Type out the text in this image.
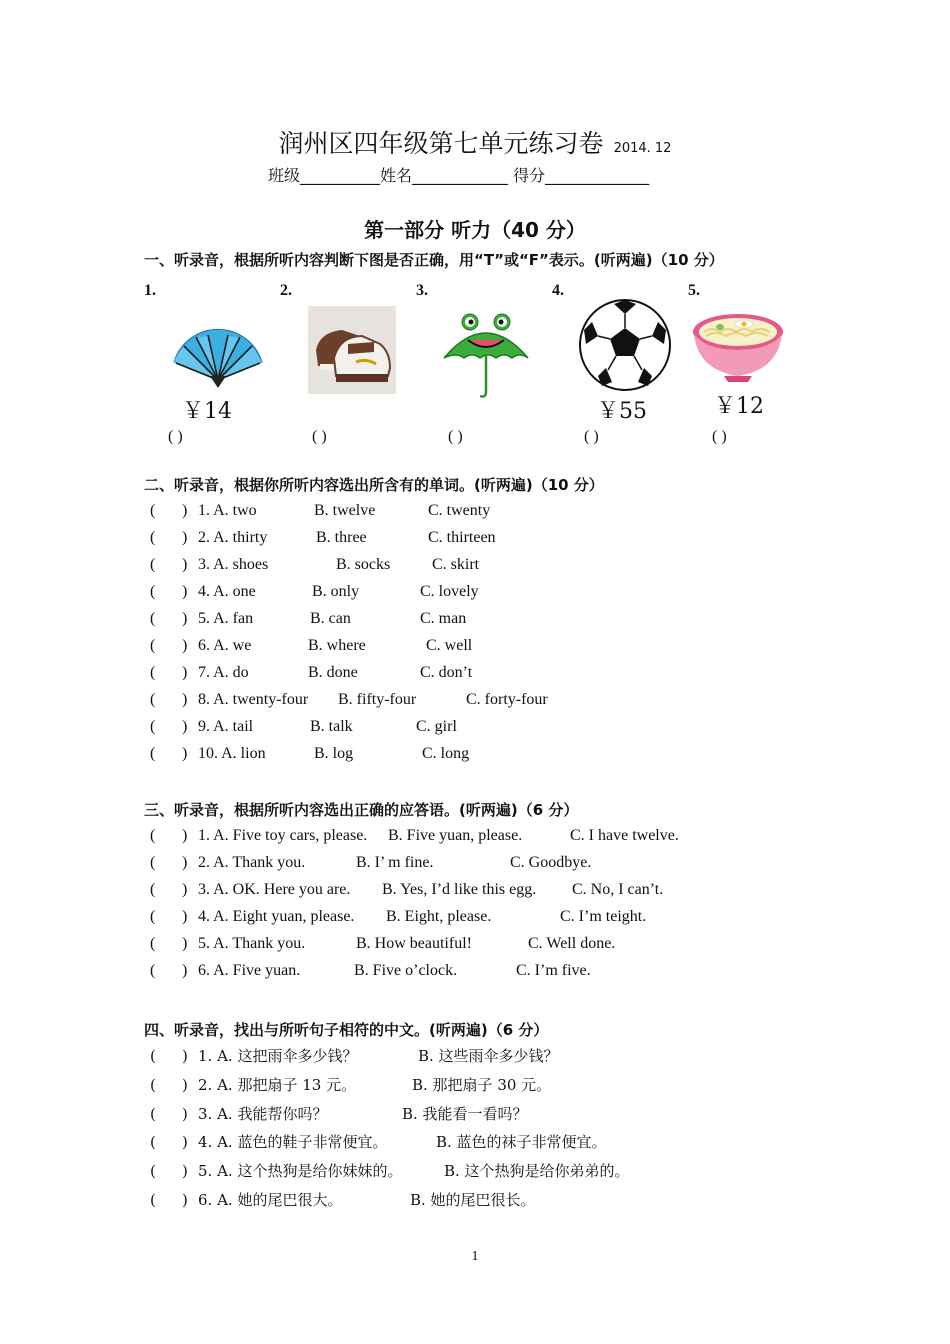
润州区四年级第七单元练习卷 2014. 12
班级__________姓名____________ 得分_____________
第一部分 听力（40 分）
一、听录音，根据所听内容判断下图是否正确，用“T”或“F”表示。(听两遍)（10 分）
1.	2.	3.	4.	5.
￥14	￥55	￥12
( )	( )	( )	( )	( )
二、听录音，根据你所听内容选出所含有的单词。(听两遍)（10 分）
( ) 1. A. two	B. twelve	C. twenty
( ) 2. A. thirty	B. three	C. thirteen
( ) 3. A. shoes	B. socks	C. skirt
( ) 4. A. one	B. only	C. lovely
( ) 5. A. fan	B. can	C. man
( ) 6. A. we	B. where	C. well
( ) 7. A. do	B. done	C. don’t
( ) 8. A. twenty-four B. fifty-four	C. forty-four
( ) 9. A. tail	B. talk	C. girl
( ) 10. A. lion	B. log	C. long
三、听录音，根据所听内容选出正确的应答语。(听两遍)（6 分）
( ) 1. A. Five toy cars, please. B. Five yuan, please.	C. I have twelve.
( ) 2. A. Thank you.	B. I’ m fine.	C. Goodbye.
( ) 3. A. OK. Here you are. B. Yes, I’d like this egg. C. No, I can’t.
( ) 4. A. Eight yuan, please. B. Eight, please.	C. I’m teight.
( ) 5. A. Thank you.	B. How beautiful!	C. Well done.
( ) 6. A. Five yuan.	B. Five o’clock.	C. I’m five.
四、听录音，找出与所听句子相符的中文。(听两遍)（6 分）
( ) 1. A. 这把雨伞多少钱？	B. 这些雨伞多少钱？
( ) 2. A. 那把扇子 13 元。	B. 那把扇子 30 元。
( ) 3. A. 我能帮你吗？	B. 我能看一看吗？
( ) 4. A. 蓝色的鞋子非常便宜。	B. 蓝色的袜子非常便宜。
( ) 5. A. 这个热狗是给你妹妹的。	B. 这个热狗是给你弟弟的。
( ) 6. A. 她的尾巴很大。	B. 她的尾巴很长。
1
